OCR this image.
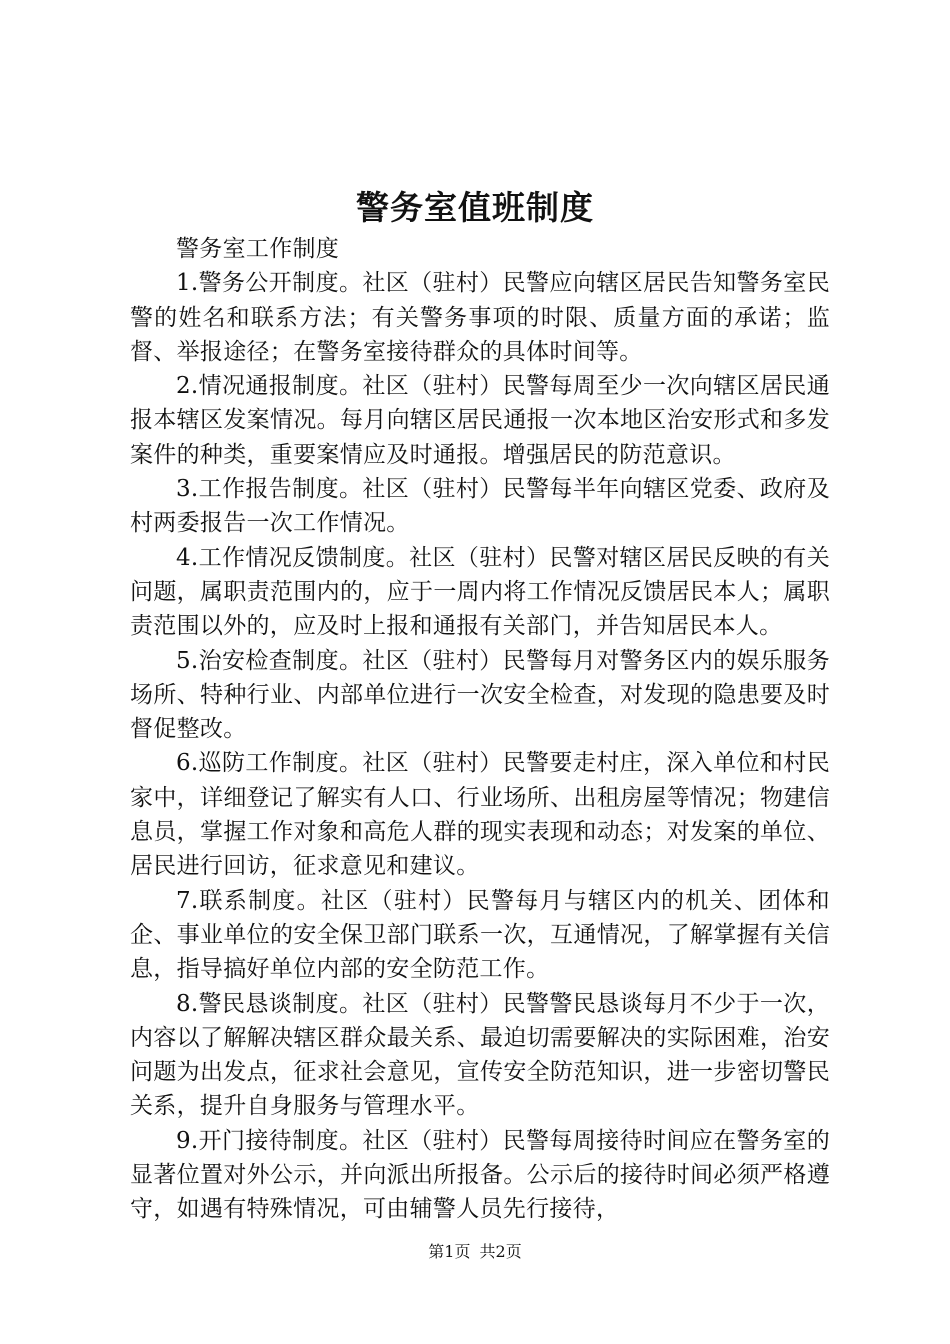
警务室值班制度

警务室工作制度

1.警务公开制度。社区（驻村）民警应向辖区居民告知警务室民警的姓名和联系方法；有关警务事项的时限、质量方面的承诺；监督、举报途径；在警务室接待群众的具体时间等。

2.情况通报制度。社区（驻村）民警每周至少一次向辖区居民通报本辖区发案情况。每月向辖区居民通报一次本地区治安形式和多发案件的种类，重要案情应及时通报。增强居民的防范意识。

3.工作报告制度。社区（驻村）民警每半年向辖区党委、政府及村两委报告一次工作情况。

4.工作情况反馈制度。社区（驻村）民警对辖区居民反映的有关问题，属职责范围内的，应于一周内将工作情况反馈居民本人；属职责范围以外的，应及时上报和通报有关部门，并告知居民本人。

5.治安检查制度。社区（驻村）民警每月对警务区内的娱乐服务场所、特种行业、内部单位进行一次安全检查，对发现的隐患要及时督促整改。

6.巡防工作制度。社区（驻村）民警要走村庄，深入单位和村民家中，详细登记了解实有人口、行业场所、出租房屋等情况；物建信息员，掌握工作对象和高危人群的现实表现和动态；对发案的单位、居民进行回访，征求意见和建议。

7.联系制度。社区（驻村）民警每月与辖区内的机关、团体和企、事业单位的安全保卫部门联系一次，互通情况，了解掌握有关信息，指导搞好单位内部的安全防范工作。

8.警民恳谈制度。社区（驻村）民警警民恳谈每月不少于一次，内容以了解解决辖区群众最关系、最迫切需要解决的实际困难，治安问题为出发点，征求社会意见，宣传安全防范知识，进一步密切警民关系，提升自身服务与管理水平。

9.开门接待制度。社区（驻村）民警每周接待时间应在警务室的显著位置对外公示，并向派出所报备。公示后的接待时间必须严格遵守，如遇有特殊情况，可由辅警人员先行接待，

第1页 共2页
